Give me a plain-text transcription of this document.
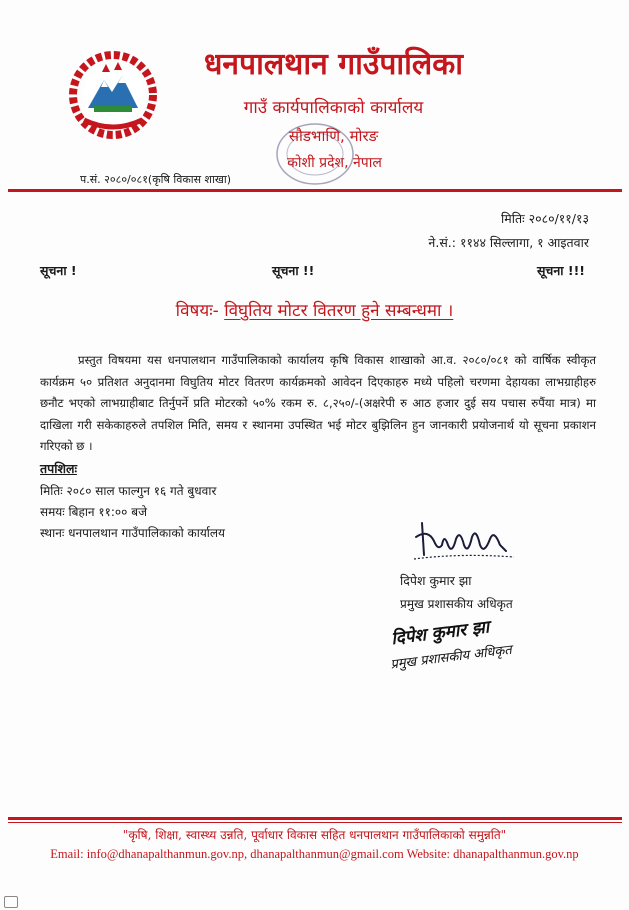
धनपालथान गाउँपालिका
गाउँ कार्यपालिकाको कार्यालय
सौडभाणि, मोरङ
कोशी प्रदेश, नेपाल
प.सं. २०८०/०८१(कृषि विकास शाखा)
मितिः २०८०/११/१३
ने.सं.: ११४४ सिल्लागा, १ आइतवार
सूचना !	सूचना !!	सूचना !!!
विषयः- विघुतिय मोटर वितरण हुने सम्बन्धमा ।
प्रस्तुत विषयमा यस धनपालथान गाउँपालिकाको कार्यालय कृषि विकास शाखाको आ.व. २०८०/०८१ को वार्षिक स्वीकृत कार्यक्रम ५० प्रतिशत अनुदानमा विघुतिय मोटर वितरण कार्यक्रमको आवेदन दिएकाहरु मध्ये पहिलो चरणमा देहायका लाभग्राहीहरु छनौट भएको लाभग्राहीबाट तिर्नुपर्ने प्रति मोटरको ५०% रकम रु. ८,२५०/-(अक्षरेपी रु आठ हजार दुई सय पचास रुपैंया मात्र) मा दाखिला गरी सकेकाहरुले तपशिल मिति, समय र स्थानमा उपस्थित भई मोटर बुझिलिन हुन जानकारी प्रयोजनार्थ यो सूचना प्रकाशन गरिएको छ ।
तपशिलः
मितिः २०८० साल फाल्गुन १६ गते बुधवार
समयः बिहान ११:०० बजे
स्थानः धनपालथान गाउँपालिकाको कार्यालय
दिपेश कुमार झा
प्रमुख प्रशासकीय अधिकृत
दिपेश कुमार झा
प्रमुख प्रशासकीय अधिकृत
"कृषि, शिक्षा, स्वास्थ्य उन्नति, पूर्वाधार विकास सहित धनपालथान गाउँपालिकाको समुन्नति"
Email: info@dhanapalthanmun.gov.np, dhanapalthanmun@gmail.com Website: dhanapalthanmun.gov.np
